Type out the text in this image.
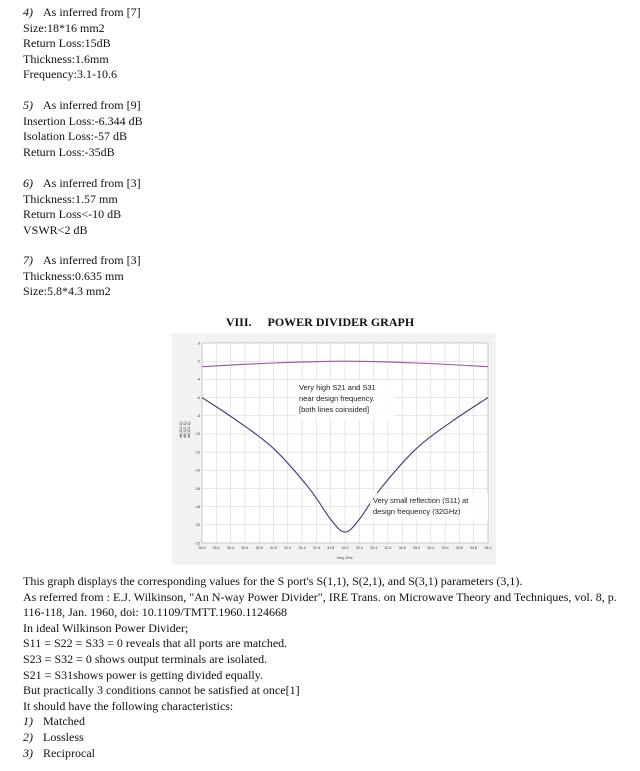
4) As inferred from [7]
Size:18*16 mm2
Return Loss:15dB
Thickness:1.6mm
Frequency:3.1-10.6
5) As inferred from [9]
Insertion Loss:-6.344 dB
Isolation Loss:-57 dB
Return Loss:-35dB
6) As inferred from [3]
Thickness:1.57 mm
Return Loss<-10 dB
VSWR<2 dB
7) As inferred from [3]
Thickness:0.635 mm
Size:5.8*4.3 mm2
VIII. POWER DIVIDER GRAPH
0
-2
-4
-6
-8
-10
-12
-14
-16
-18
-20
-22
30.0 30.2 30.4 30.6 30.8 31.0 31.2 31.4 31.6 31.8 32.0 32.2 32.4 32.6 32.8 33.0 33.2 33.4 33.6 33.8 34.0
freq, GHz
dB(S(1,1)) dB(S(2,1)) dB(S(3,1))
Very high S21 and S31
near design frequency.
[both lines coinsided]
Very small reflection (S11) at
design frequency (32GHz)
This graph displays the corresponding values for the S port's S(1,1), S(2,1), and S(3,1) parameters (3,1).
As referred from : E.J. Wilkinson, "An N-way Power Divider", IRE Trans. on Microwave Theory and Techniques, vol. 8, p. 116-118, Jan. 1960, doi: 10.1109/TMTT.1960.1124668
In ideal Wilkinson Power Divider;
S11 = S22 = S33 = 0 reveals that all ports are matched.
S23 = S32 = 0 shows output terminals are isolated.
S21 = S31shows power is getting divided equally.
But practically 3 conditions cannot be satisfied at once[1]
It should have the following characteristics:
1) Matched
2) Lossless
3) Reciprocal
